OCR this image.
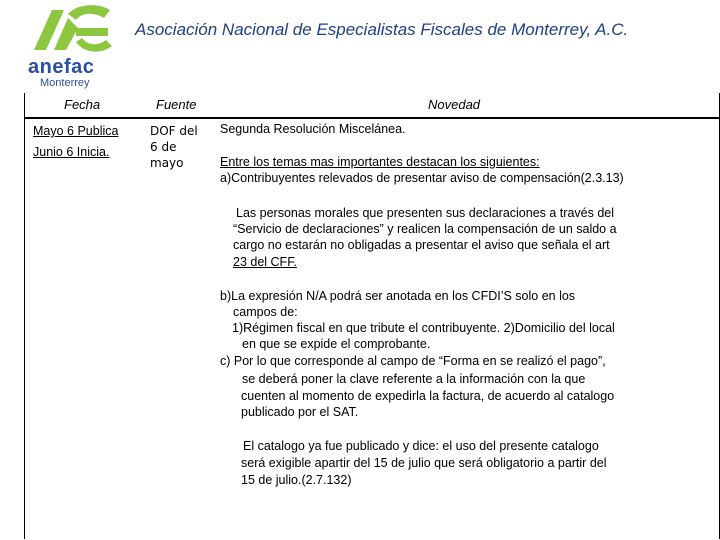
anefac
Monterrey
Asociación Nacional de Especialistas Fiscales de Monterrey, A.C.
Fecha	Fuente	Novedad
Mayo 6 Publica
Junio 6 Inicia.
DOF del
6 de
mayo
Segunda Resolución Miscelánea.
Entre los temas mas importantes destacan los siguientes:
a)Contribuyentes relevados de presentar aviso de compensación(2.3.13)
Las personas morales que presenten sus declaraciones a través del
“Servicio de declaraciones” y realicen la compensación de un saldo a
cargo no estarán no obligadas a presentar el aviso que señala el art
23 del CFF.
b)La expresión N/A podrá ser anotada en los CFDI’S solo en los
campos de:
1)Régimen fiscal en que tribute el contribuyente. 2)Domicilio del local
en que se expide el comprobante.
c) Por lo que corresponde al campo de “Forma en se realizó el pago”,
se deberá poner la clave referente a la información con la que
cuenten al momento de expedirla la factura, de acuerdo al catalogo
publicado por el SAT.
El catalogo ya fue publicado y dice: el uso del presente catalogo
será exigible apartir del 15 de julio que será obligatorio a partir del
15 de julio.(2.7.132)
